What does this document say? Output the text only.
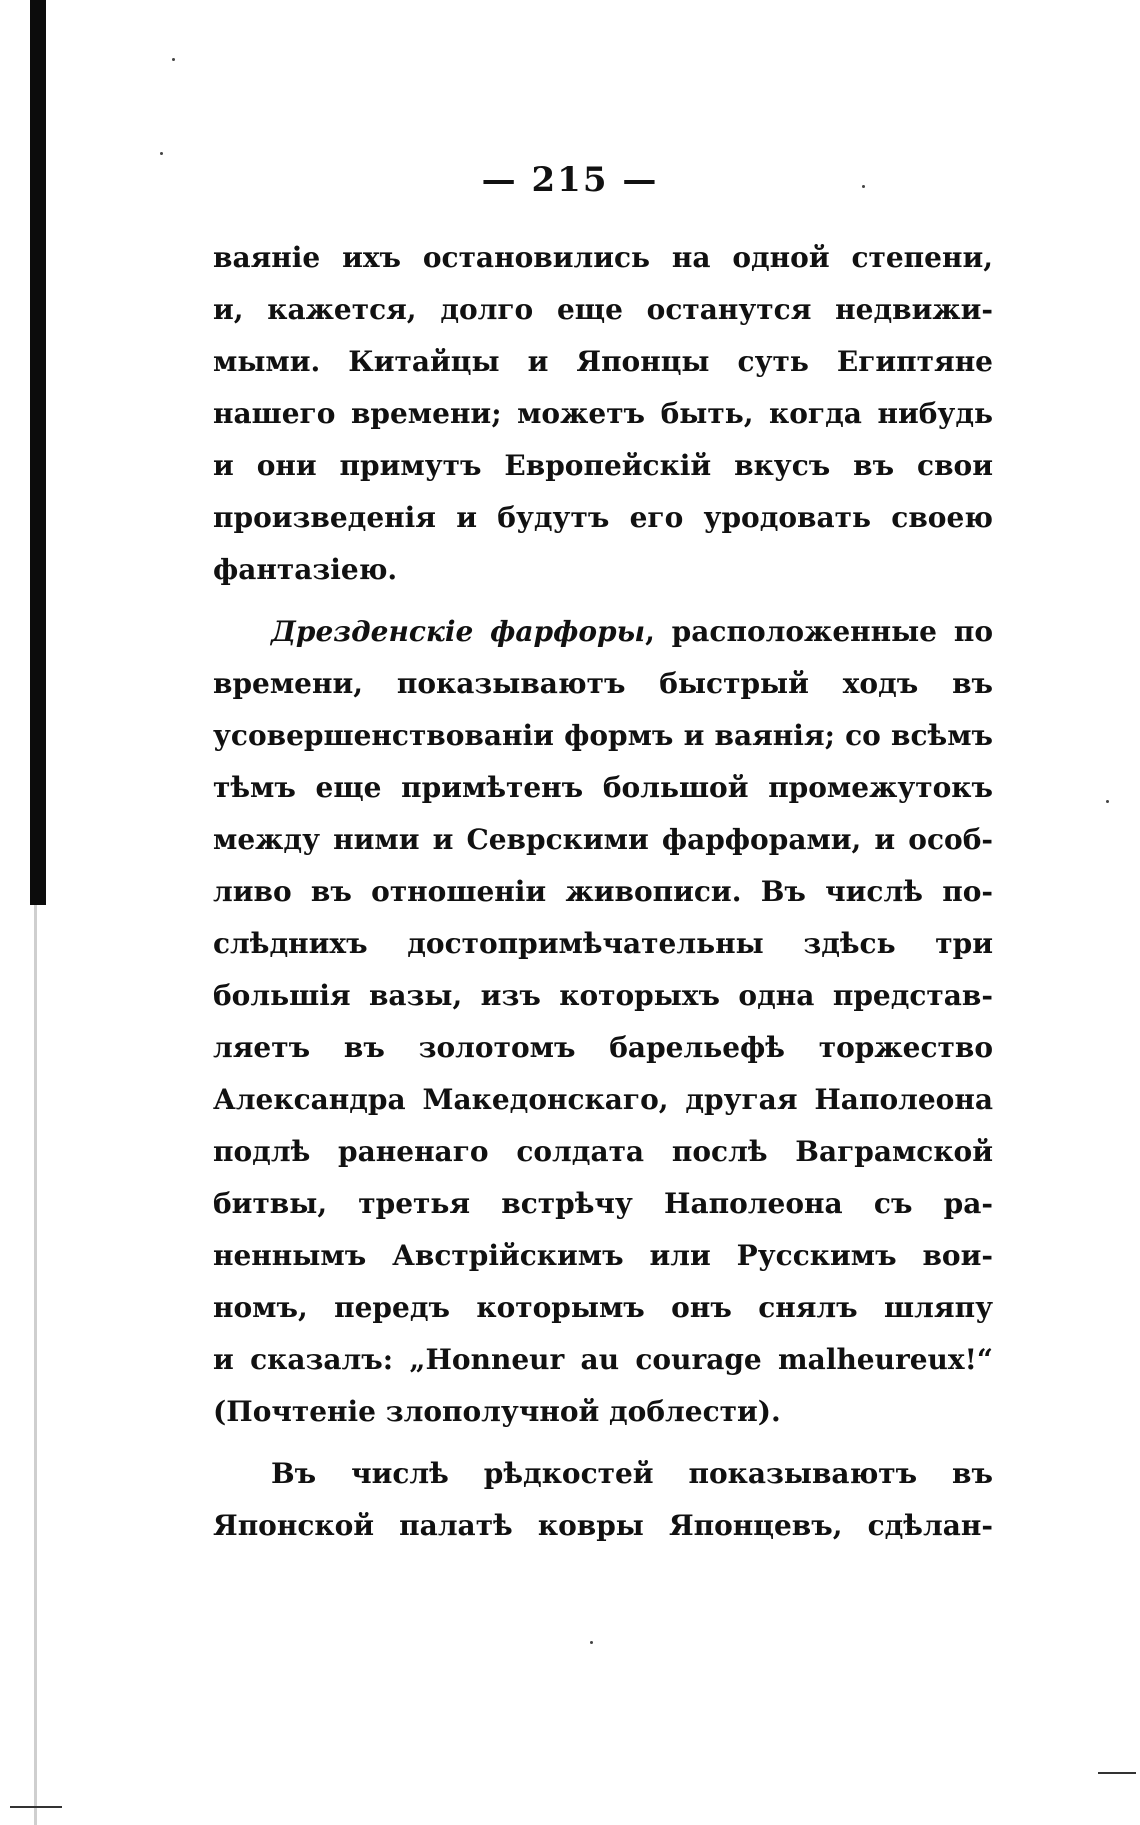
— 215 —
ваяніе ихъ остановились на одной степени,
и, кажется, долго еще останутся недвижи-
мыми. Китайцы и Японцы суть Египтяне
нашего времени; можетъ быть, когда нибудь
и они примутъ Европейскій вкусъ въ свои
произведенія и будутъ его уродовать своею
фантазіею.
Дрезденскіе фарфоры, расположенные по
времени, показываютъ быстрый ходъ въ
усовершенствованіи формъ и ваянія; со всѣмъ
тѣмъ еще примѣтенъ большой промежутокъ
между ними и Севрскими фарфорами, и особ-
ливо въ отношеніи живописи. Въ числѣ по-
слѣднихъ достопримѣчательны здѣсь три
большія вазы, изъ которыхъ одна представ-
ляетъ въ золотомъ барельефѣ торжество
Александра Македонскаго, другая Наполеона
подлѣ раненаго солдата послѣ Ваграмской
битвы, третья встрѣчу Наполеона съ ра-
неннымъ Австрійскимъ или Русскимъ вои-
номъ, передъ которымъ онъ снялъ шляпу
и сказалъ: „Honneur au courage malheureux!“
(Почтеніе злополучной доблести).
Въ числѣ рѣдкостей показываютъ въ
Японской палатѣ ковры Японцевъ, сдѣлан-
